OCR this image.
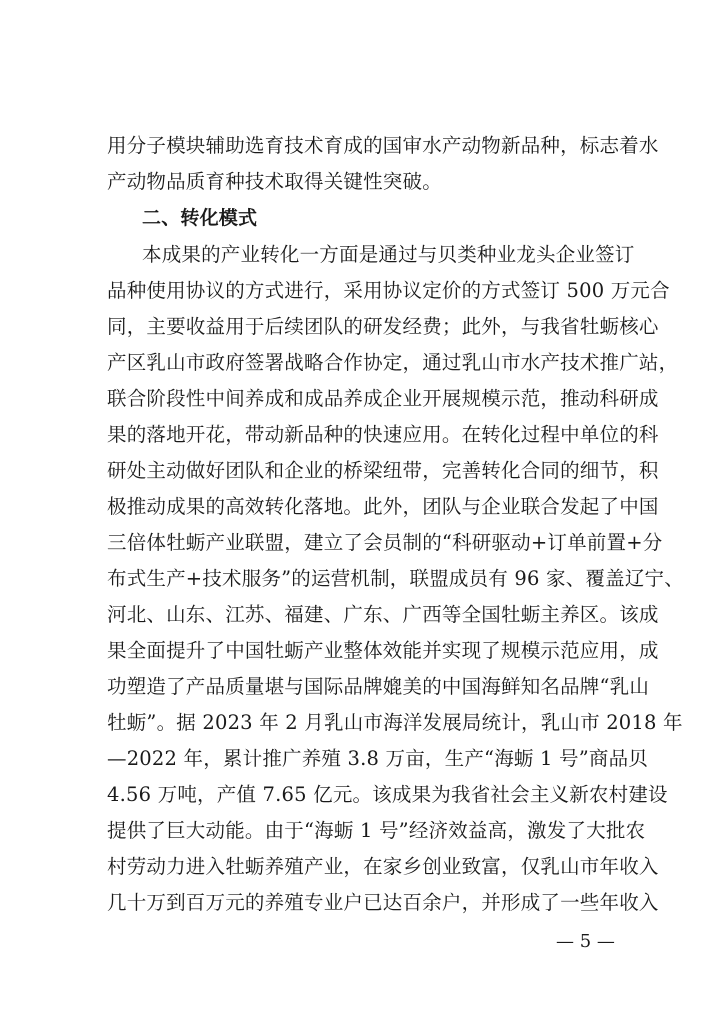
用分子模块辅助选育技术育成的国审水产动物新品种，标志着水
产动物品质育种技术取得关键性突破。
二、转化模式
本成果的产业转化一方面是通过与贝类种业龙头企业签订
品种使用协议的方式进行，采用协议定价的方式签订 500 万元合
同，主要收益用于后续团队的研发经费；此外，与我省牡蛎核心
产区乳山市政府签署战略合作协定，通过乳山市水产技术推广站，
联合阶段性中间养成和成品养成企业开展规模示范，推动科研成
果的落地开花，带动新品种的快速应用。在转化过程中单位的科
研处主动做好团队和企业的桥梁纽带，完善转化合同的细节，积
极推动成果的高效转化落地。此外，团队与企业联合发起了中国
三倍体牡蛎产业联盟，建立了会员制的“科研驱动+订单前置+分
布式生产+技术服务”的运营机制，联盟成员有 96 家、覆盖辽宁、
河北、山东、江苏、福建、广东、广西等全国牡蛎主养区。该成
果全面提升了中国牡蛎产业整体效能并实现了规模示范应用，成
功塑造了产品质量堪与国际品牌媲美的中国海鲜知名品牌“乳山
牡蛎”。据 2023 年 2 月乳山市海洋发展局统计，乳山市 2018 年
—2022 年，累计推广养殖 3.8 万亩，生产“海蛎 1 号”商品贝
4.56 万吨，产值 7.65 亿元。该成果为我省社会主义新农村建设
提供了巨大动能。由于“海蛎 1 号”经济效益高，激发了大批农
村劳动力进入牡蛎养殖产业，在家乡创业致富，仅乳山市年收入
几十万到百万元的养殖专业户已达百余户，并形成了一些年收入
— 5 —
